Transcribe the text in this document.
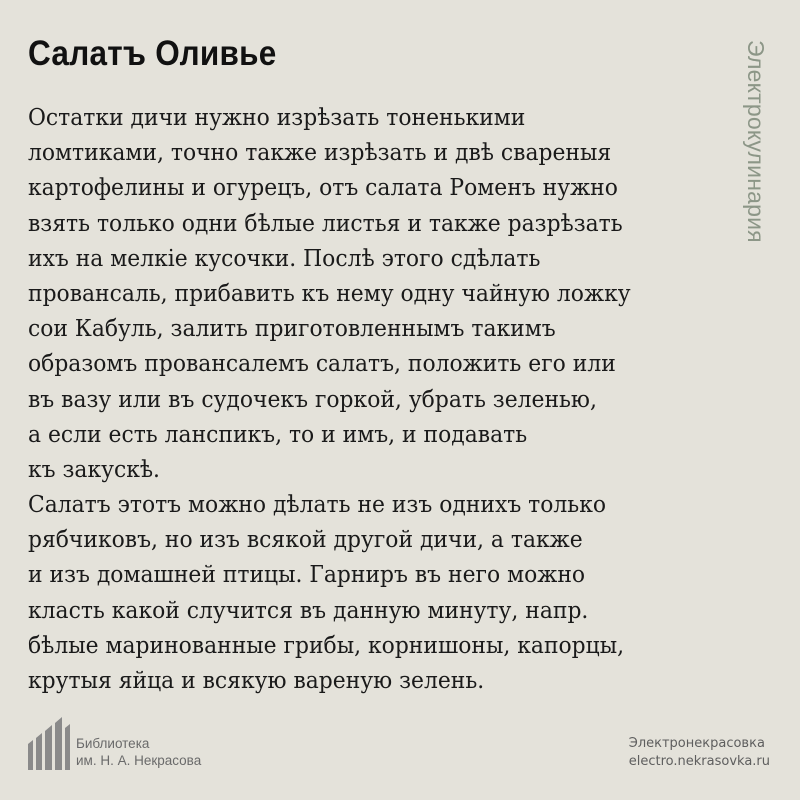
Салатъ Оливье
Остатки дичи нужно изрѣзать тоненькими
ломтиками, точно также изрѣзать и двѣ свареныя
картофелины и огурецъ, отъ салата Роменъ нужно
взять только одни бѣлые листья и также разрѣзать
ихъ на мелкіе кусочки. Послѣ этого сдѣлать
провансаль, прибавить къ нему одну чайную ложку
сои Кабуль, залить приготовленнымъ такимъ
образомъ провансалемъ салатъ, положить его или
въ вазу или въ судочекъ горкой, убрать зеленью,
а если есть ланспикъ, то и имъ, и подавать
къ закускѣ.
Салатъ этотъ можно дѣлать не изъ однихъ только
рябчиковъ, но изъ всякой другой дичи, а также
и изъ домашней птицы. Гарниръ въ него можно
класть какой случится въ данную минуту, напр.
бѣлые маринованные грибы, корнишоны, капорцы,
крутыя яйца и всякую вареную зелень.
Электрокулинария
Библиотека
им. Н. А. Некрасова
Электронекрасовка
electro.nekrasovka.ru
